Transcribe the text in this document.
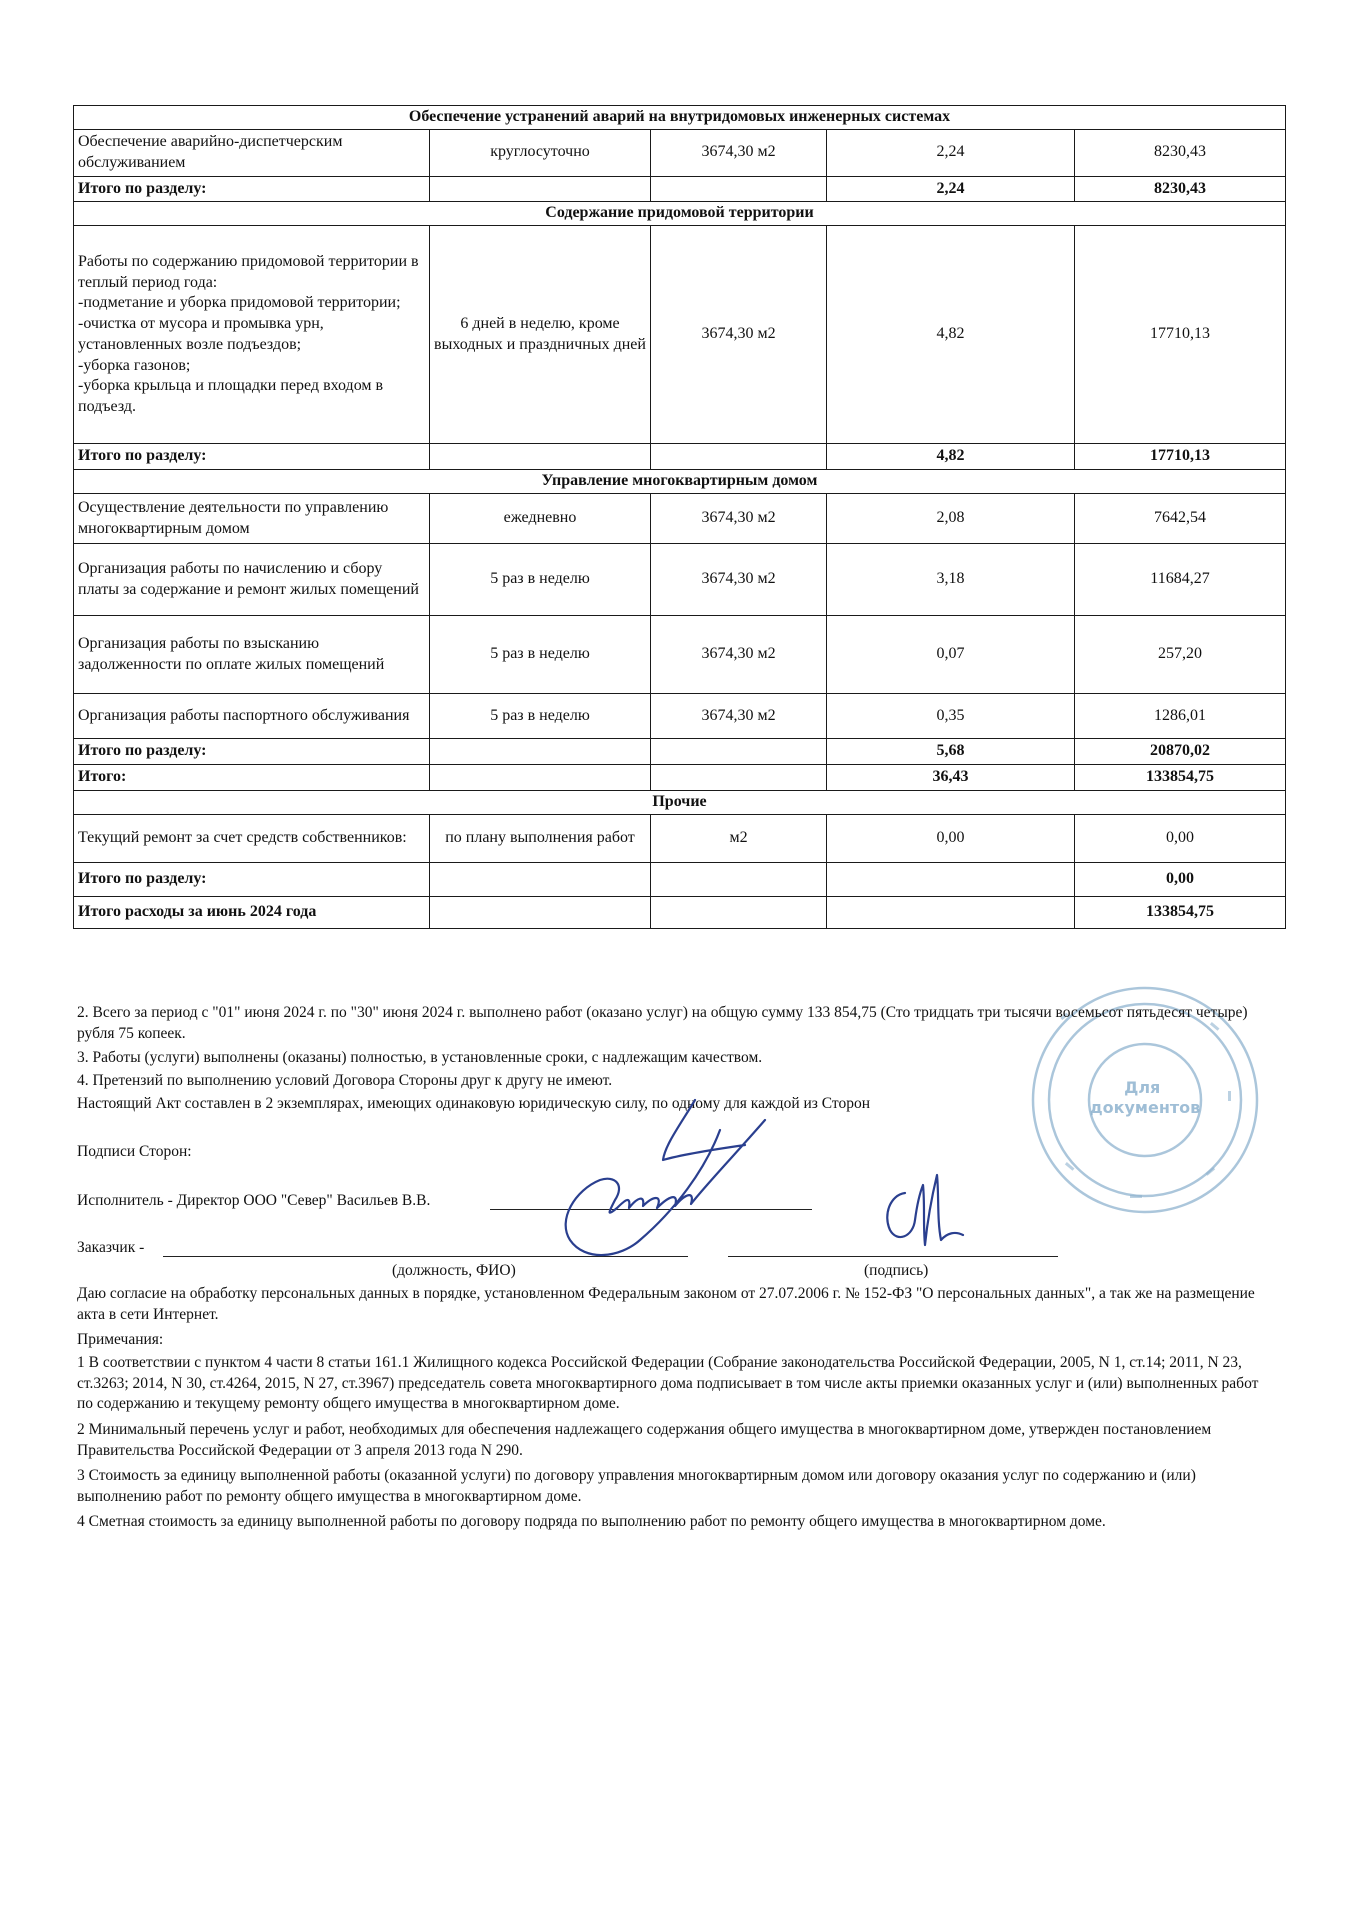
Обеспечение устранений аварий на внутридомовых инженерных системах				
Обеспечение аварийно-диспетчерским обслуживанием	круглосуточно	3674,30 м2	2,24	8230,43
Итого по разделу:			2,24	8230,43
Содержание придомовой территории				
Работы по содержанию придомовой территории в теплый период года:
-подметание и уборка придомовой территории;
-очистка от мусора и промывка урн, установленных возле подъездов;
-уборка газонов;
-уборка крыльца и площадки перед входом в подъезд.	6 дней в неделю, кроме выходных и праздничных дней	3674,30 м2	4,82	17710,13
Итого по разделу:			4,82	17710,13
Управление многоквартирным домом				
Осуществление деятельности по управлению многоквартирным домом	ежедневно	3674,30 м2	2,08	7642,54
Организация работы по начислению и сбору платы за содержание и ремонт жилых помещений	5 раз в неделю	3674,30 м2	3,18	11684,27
Организация работы по взысканию задолженности по оплате жилых помещений	5 раз в неделю	3674,30 м2	0,07	257,20
Организация работы паспортного обслуживания	5 раз в неделю	3674,30 м2	0,35	1286,01
Итого по разделу:			5,68	20870,02
Итого:			36,43	133854,75
Прочие				
Текущий ремонт за счет средств собственников:	по плану выполнения работ	м2	0,00	0,00
Итого по разделу:				0,00
Итого расходы за июнь 2024 года				133854,75
Для документов
2. Всего за период с "01" июня 2024 г. по "30" июня 2024 г. выполнено работ (оказано услуг) на общую сумму 133 854,75 (Сто тридцать три тысячи восемьсот пятьдесят четыре) рубля 75 копеек.
3. Работы (услуги) выполнены (оказаны) полностью, в установленные сроки, с надлежащим качеством.
4. Претензий по выполнению условий Договора Стороны друг к другу не имеют.
Настоящий Акт составлен в 2 экземплярах, имеющих одинаковую юридическую силу, по одному для каждой из Сторон
Подписи Сторон:
Исполнитель - Директор ООО "Север" Васильев В.В.
Заказчик -
(должность, ФИО)	(подпись)
Даю согласие на обработку персональных данных в порядке, установленном Федеральным законом от 27.07.2006 г. № 152-ФЗ "О персональных данных", а так же на размещение акта в сети Интернет.
Примечания:
1 В соответствии с пунктом 4 части 8 статьи 161.1 Жилищного кодекса Российской Федерации (Собрание законодательства Российской Федерации, 2005, N 1, ст.14; 2011, N 23, ст.3263; 2014, N 30, ст.4264, 2015, N 27, ст.3967) председатель совета многоквартирного дома подписывает в том числе акты приемки оказанных услуг и (или) выполненных работ по содержанию и текущему ремонту общего имущества в многоквартирном доме.
2 Минимальный перечень услуг и работ, необходимых для обеспечения надлежащего содержания общего имущества в многоквартирном доме, утвержден постановлением Правительства Российской Федерации от 3 апреля 2013 года N 290.
3 Стоимость за единицу выполненной работы (оказанной услуги) по договору управления многоквартирным домом или договору оказания услуг по содержанию и (или) выполнению работ по ремонту общего имущества в многоквартирном доме.
4 Сметная стоимость за единицу выполненной работы по договору подряда по выполнению работ по ремонту общего имущества в многоквартирном доме.
